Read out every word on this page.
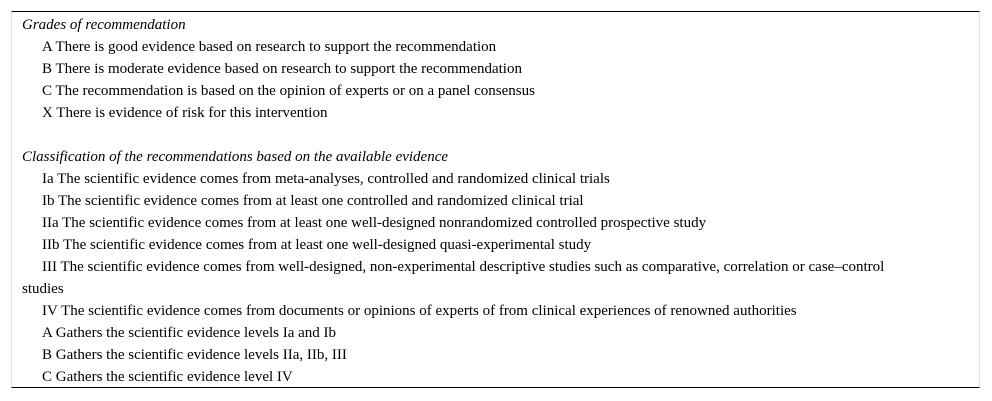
Grades of recommendation

A There is good evidence based on research to support the recommendation

B There is moderate evidence based on research to support the recommendation

C The recommendation is based on the opinion of experts or on a panel consensus

X There is evidence of risk for this intervention

Classification of the recommendations based on the available evidence

Ia The scientific evidence comes from meta-analyses, controlled and randomized clinical trials

Ib The scientific evidence comes from at least one controlled and randomized clinical trial

IIa The scientific evidence comes from at least one well-designed nonrandomized controlled prospective study

IIb The scientific evidence comes from at least one well-designed quasi-experimental study

III The scientific evidence comes from well-designed, non-experimental descriptive studies such as comparative, correlation or case–control studies

IV The scientific evidence comes from documents or opinions of experts of from clinical experiences of renowned authorities

A Gathers the scientific evidence levels Ia and Ib

B Gathers the scientific evidence levels IIa, IIb, III

C Gathers the scientific evidence level IV
